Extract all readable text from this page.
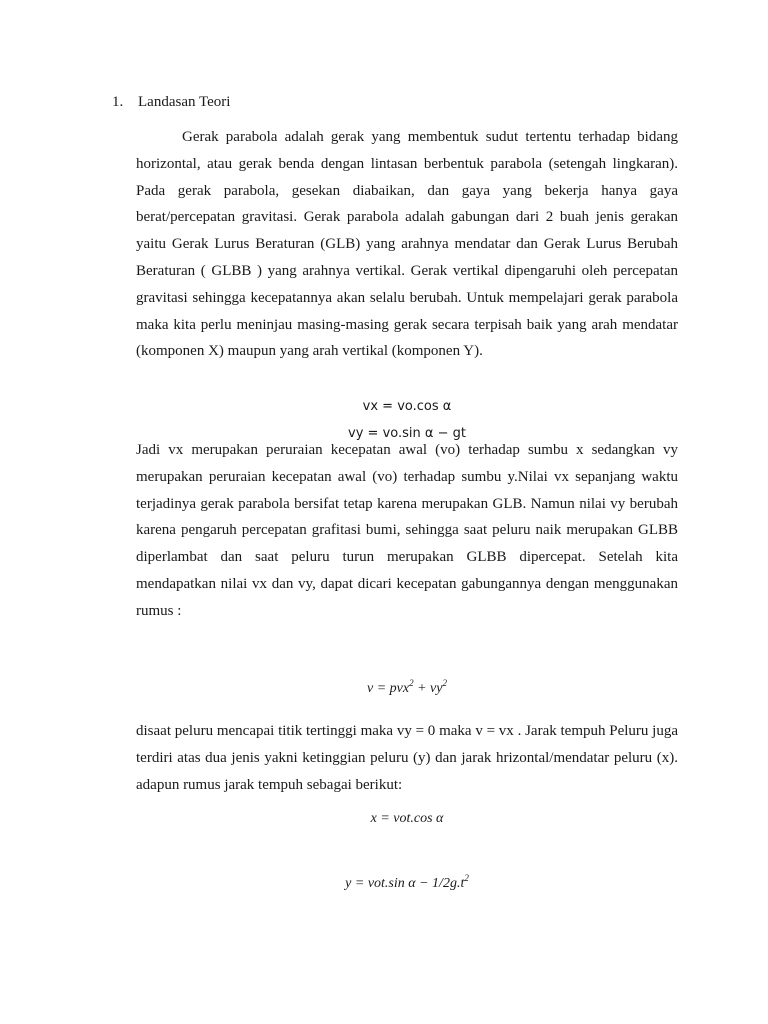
1. Landasan Teori

Gerak parabola adalah gerak yang membentuk sudut tertentu terhadap bidang horizontal, atau gerak benda dengan lintasan berbentuk parabola (setengah lingkaran). Pada gerak parabola, gesekan diabaikan, dan gaya yang bekerja hanya gaya berat/percepatan gravitasi. Gerak parabola adalah gabungan dari 2 buah jenis gerakan yaitu Gerak Lurus Beraturan (GLB) yang arahnya mendatar dan Gerak Lurus Berubah Beraturan ( GLBB ) yang arahnya vertikal. Gerak vertikal dipengaruhi oleh percepatan gravitasi sehingga kecepatannya akan selalu berubah. Untuk mempelajari gerak parabola maka kita perlu meninjau masing-masing gerak secara terpisah baik yang arah mendatar (komponen X) maupun yang arah vertikal (komponen Y).

vx = vo.cos α
vy = vo.sin α − gt

Jadi vx merupakan peruraian kecepatan awal (vo) terhadap sumbu x sedangkan vy merupakan peruraian kecepatan awal (vo) terhadap sumbu y.Nilai vx sepanjang waktu terjadinya gerak parabola bersifat tetap karena merupakan GLB. Namun nilai vy berubah karena pengaruh percepatan grafitasi bumi, sehingga saat peluru naik merupakan GLBB diperlambat dan saat peluru turun merupakan GLBB dipercepat. Setelah kita mendapatkan nilai vx dan vy, dapat dicari kecepatan gabungannya dengan menggunakan rumus :

$v = pvx^2 + vy^2$

disaat peluru mencapai titik tertinggi maka vy = 0 maka v = vx . Jarak tempuh Peluru juga terdiri atas dua jenis yakni ketinggian peluru (y) dan jarak hrizontal/mendatar peluru (x). adapun rumus jarak tempuh sebagai berikut:

x = vot.cos α
y = vot.sin $\alpha - 1/2g.t^2$
